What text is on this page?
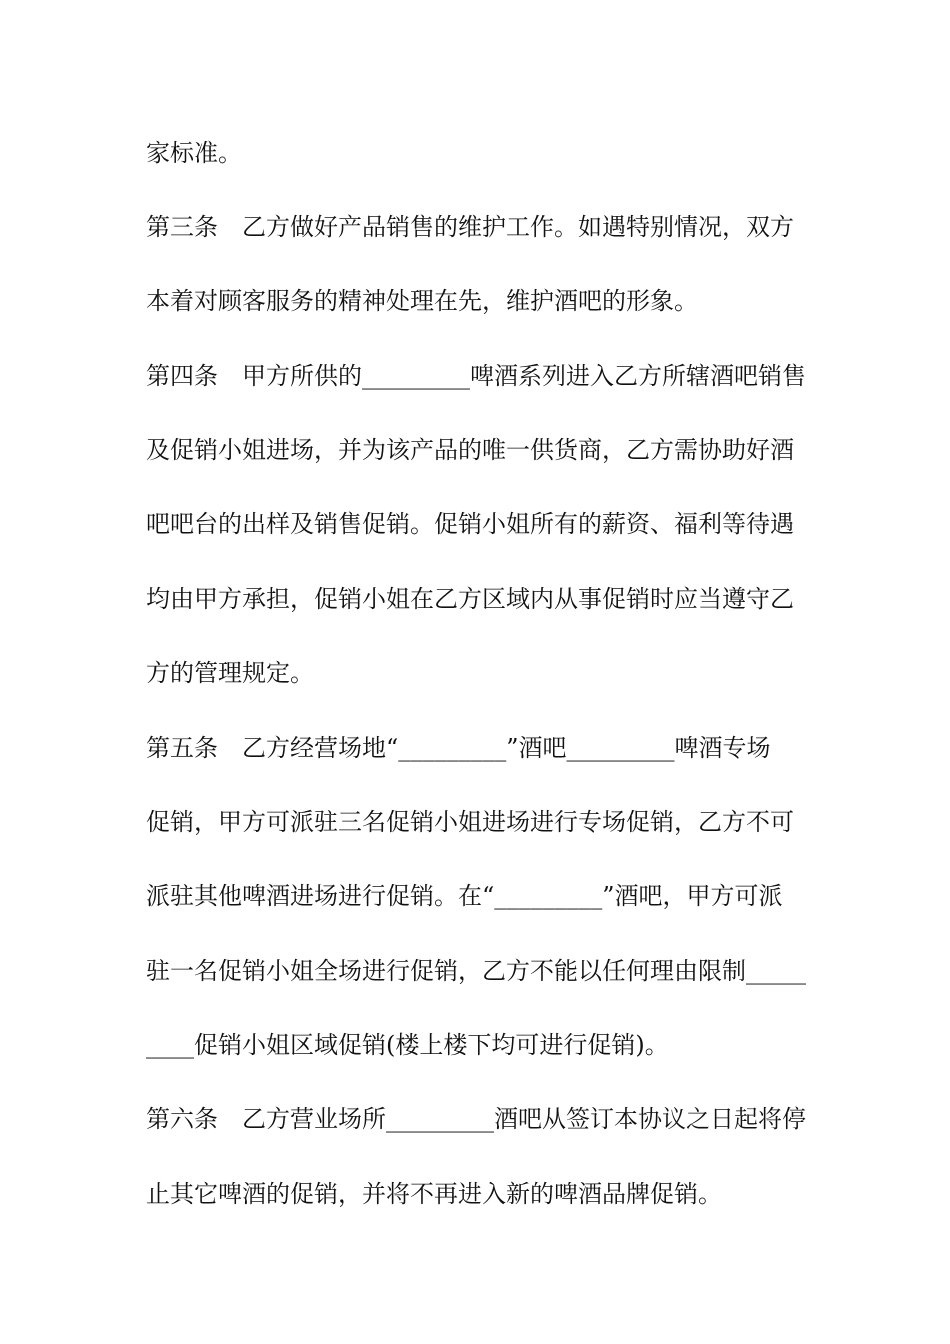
家标准。
第三条　乙方做好产品销售的维护工作。如遇特别情况，双方
本着对顾客服务的精神处理在先，维护酒吧的形象。
第四条　甲方所供的_________啤酒系列进入乙方所辖酒吧销售
及促销小姐进场，并为该产品的唯一供货商，乙方需协助好酒
吧吧台的出样及销售促销。促销小姐所有的薪资、福利等待遇
均由甲方承担，促销小姐在乙方区域内从事促销时应当遵守乙
方的管理规定。
第五条　乙方经营场地“_________”酒吧_________啤酒专场
促销，甲方可派驻三名促销小姐进场进行专场促销，乙方不可
派驻其他啤酒进场进行促销。在“_________”酒吧，甲方可派
驻一名促销小姐全场进行促销，乙方不能以任何理由限制_____
____促销小姐区域促销(楼上楼下均可进行促销)。
第六条　乙方营业场所_________酒吧从签订本协议之日起将停
止其它啤酒的促销，并将不再进入新的啤酒品牌促销。
